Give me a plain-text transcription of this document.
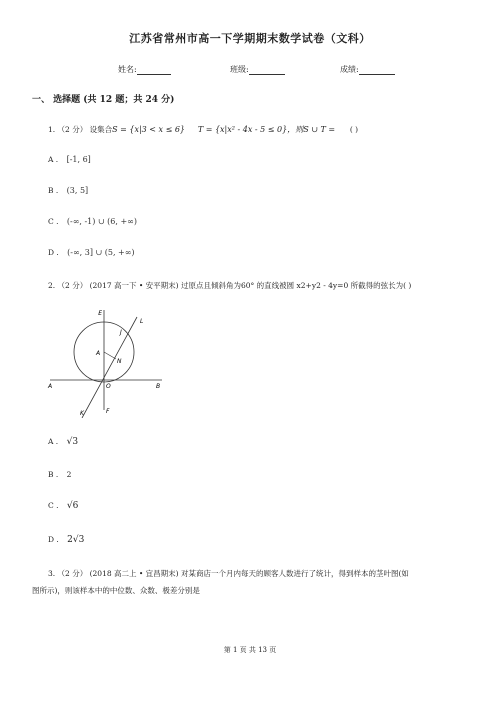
江苏省常州市高一下学期期末数学试卷（文科）
姓名:	班级:	成绩:
一、 选择题 (共 12 题；共 24 分)
1. （2 分） 设集合S = {x|3 < x ≤ 6} T = {x|x² - 4x - 5 ≤ 0}，则S ∪ T = ( )
A . [-1, 6]
B . (3, 5]
C . (-∞, -1) ∪ (6, +∞)
D . (-∞, 3] ∪ (5, +∞)
2. （2 分） (2017 高一下 • 安平期末) 过原点且倾斜角为60° 的直线被圆 x2+y2 - 4y=0 所截得的弦长为( )
E
L
J
A
N
O	B
A
K	F
A . √3
B . 2
C . √6
D . 2√3
3. （2 分） (2018 高二上 • 宜昌期末) 对某商店一个月内每天的顾客人数进行了统计，得到样本的茎叶图(如
图所示)，则该样本中的中位数、众数、极差分别是
第 1 页 共 13 页
